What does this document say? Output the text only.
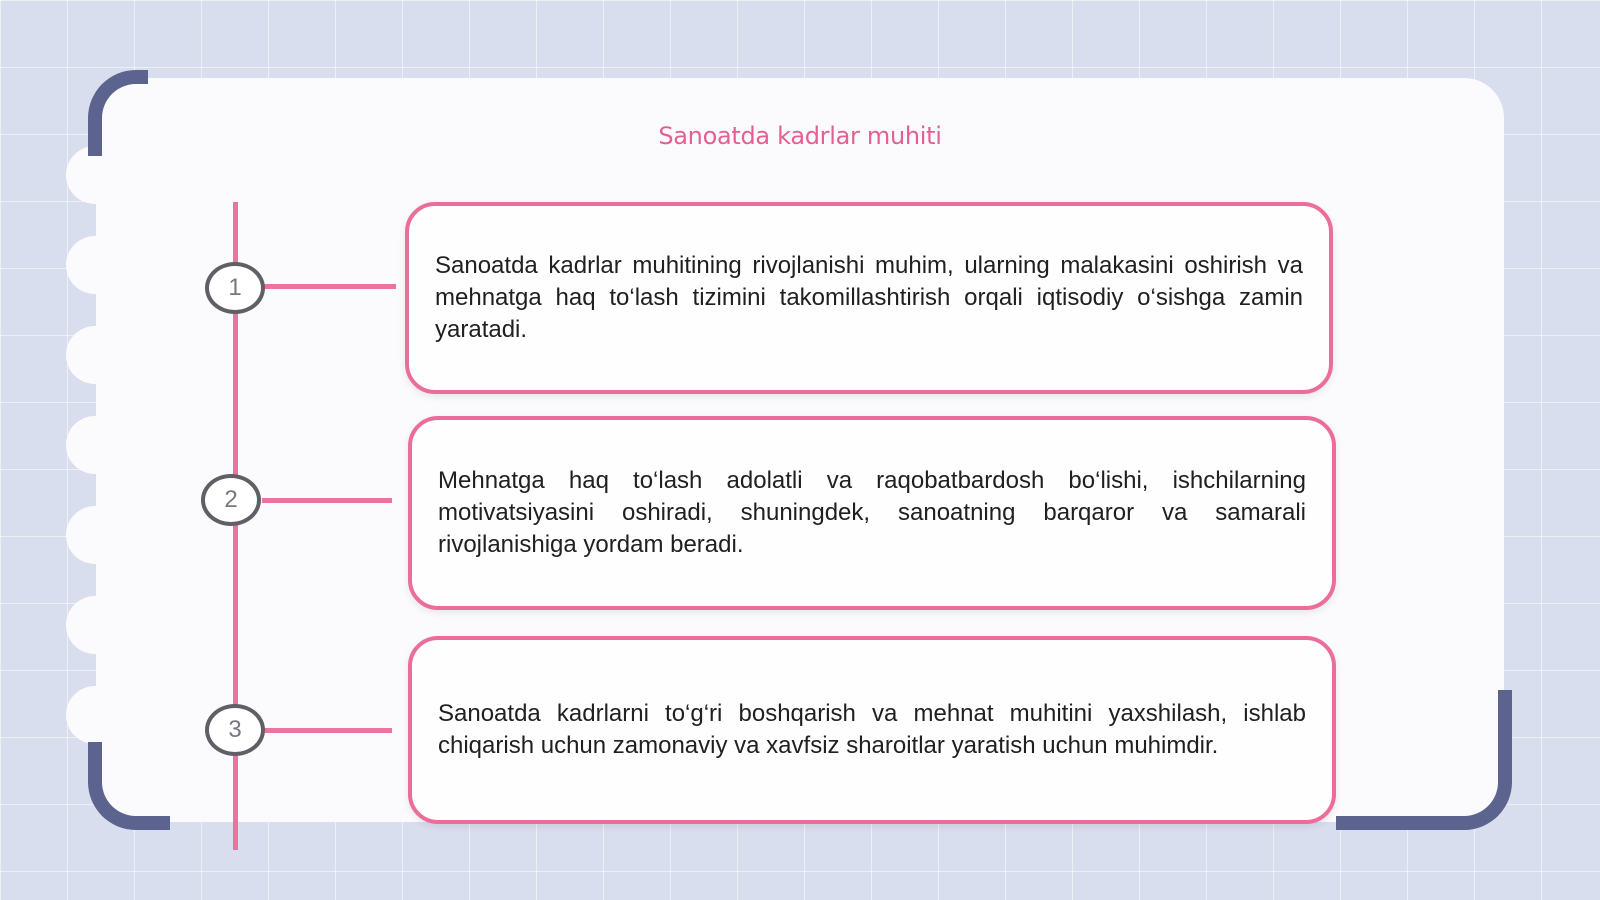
Sanoatda kadrlar muhiti
1
2
3
Sanoatda kadrlar muhitining rivojlanishi muhim, ularning malakasini oshirish va mehnatga haq to‘lash tizimini takomillashtirish orqali iqtisodiy o‘sishga zamin yaratadi.
Mehnatga haq to‘lash adolatli va raqobatbardosh bo‘lishi, ishchilarning motivatsiyasini oshiradi, shuningdek, sanoatning barqaror va samarali rivojlanishiga yordam beradi.
Sanoatda kadrlarni to‘g‘ri boshqarish va mehnat muhitini yaxshilash, ishlab chiqarish uchun zamonaviy va xavfsiz sharoitlar yaratish uchun muhimdir.
